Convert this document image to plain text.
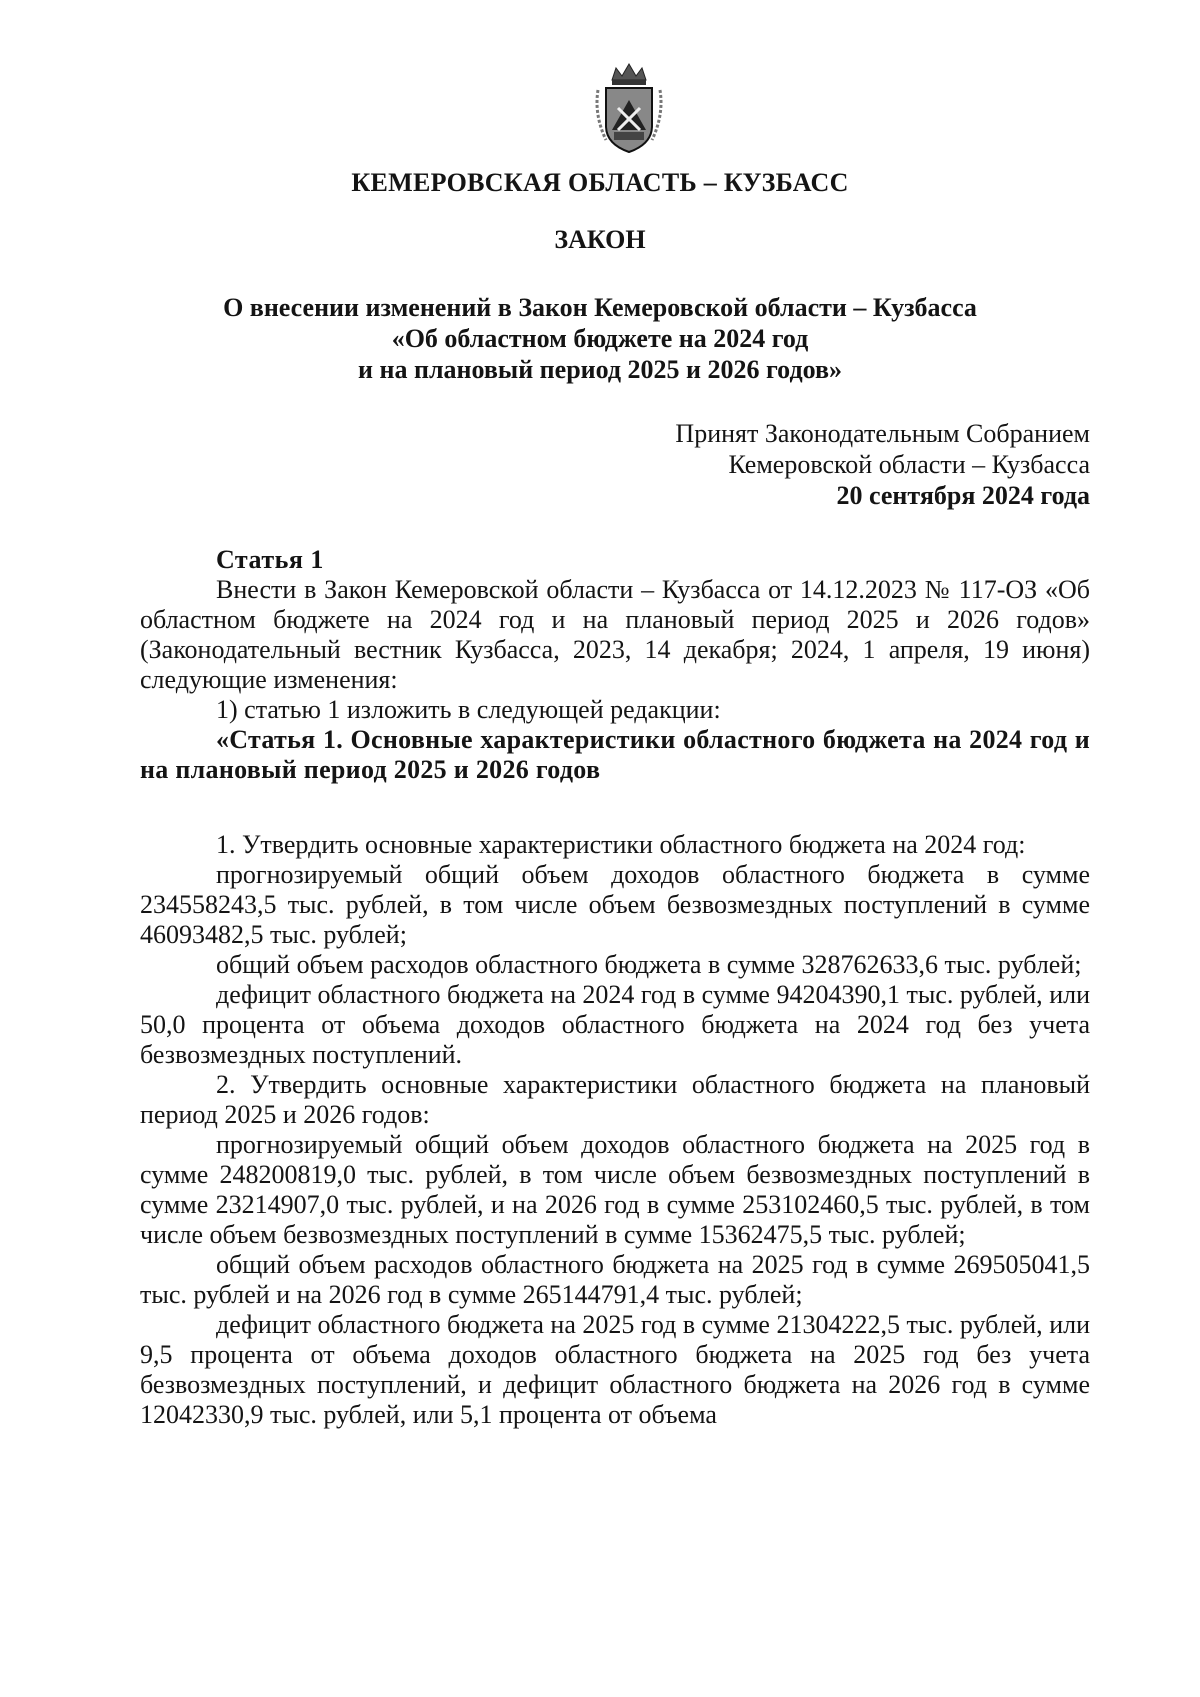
КЕМЕРОВСКАЯ ОБЛАСТЬ – КУЗБАСС
ЗАКОН
О внесении изменений в Закон Кемеровской области – Кузбасса
«Об областном бюджете на 2024 год
и на плановый период 2025 и 2026 годов»
Принят Законодательным Собранием
Кемеровской области – Кузбасса
20 сентября 2024 года

Статья 1

Внести в Закон Кемеровской области – Кузбасса от 14.12.2023 № 117-ОЗ «Об областном бюджете на 2024 год и на плановый период 2025 и 2026 годов» (Законодательный вестник Кузбасса, 2023, 14 декабря; 2024, 1 апреля, 19 июня) следующие изменения:

1) статью 1 изложить в следующей редакции:

«Статья 1. Основные характеристики областного бюджета на 2024 год и на плановый период 2025 и 2026 годов

1. Утвердить основные характеристики областного бюджета на 2024 год:

прогнозируемый общий объем доходов областного бюджета в сумме 234558243,5 тыс. рублей, в том числе объем безвозмездных поступлений в сумме 46093482,5 тыс. рублей;

общий объем расходов областного бюджета в сумме 328762633,6 тыс. рублей;

дефицит областного бюджета на 2024 год в сумме 94204390,1 тыс. рублей, или 50,0 процента от объема доходов областного бюджета на 2024 год без учета безвозмездных поступлений.

2. Утвердить основные характеристики областного бюджета на плановый период 2025 и 2026 годов:

прогнозируемый общий объем доходов областного бюджета на 2025 год в сумме 248200819,0 тыс. рублей, в том числе объем безвозмездных поступлений в сумме 23214907,0 тыс. рублей, и на 2026 год в сумме 253102460,5 тыс. рублей, в том числе объем безвозмездных поступлений в сумме 15362475,5 тыс. рублей;

общий объем расходов областного бюджета на 2025 год в сумме 269505041,5 тыс. рублей и на 2026 год в сумме 265144791,4 тыс. рублей;

дефицит областного бюджета на 2025 год в сумме 21304222,5 тыс. рублей, или 9,5 процента от объема доходов областного бюджета на 2025 год без учета безвозмездных поступлений, и дефицит областного бюджета на 2026 год в сумме 12042330,9 тыс. рублей, или 5,1 процента от объема
